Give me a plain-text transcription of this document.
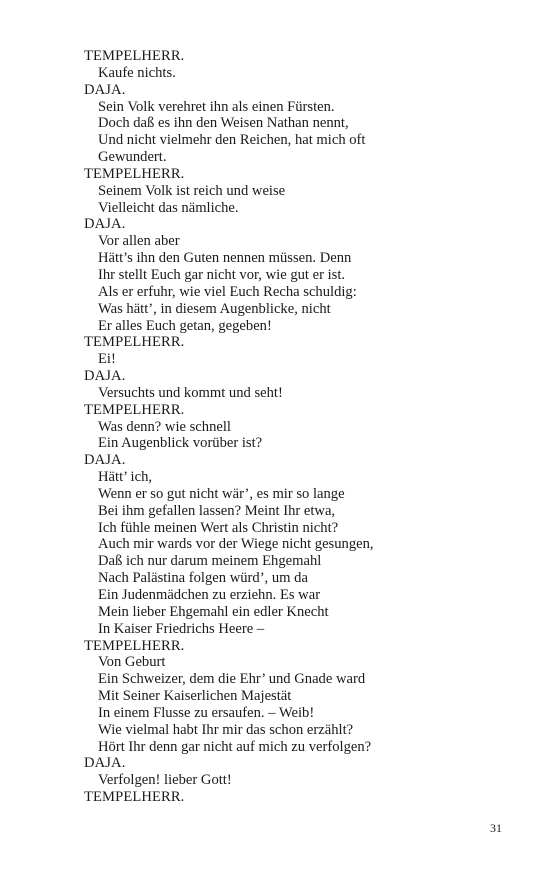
TEMPELHERR.
Kaufe nichts.
DAJA.
Sein Volk verehret ihn als einen Fürsten.
Doch daß es ihn den Weisen Nathan nennt,
Und nicht vielmehr den Reichen, hat mich oft
Gewundert.
TEMPELHERR.
Seinem Volk ist reich und weise
Vielleicht das nämliche.
DAJA.
Vor allen aber
Hätt’s ihn den Guten nennen müssen. Denn
Ihr stellt Euch gar nicht vor, wie gut er ist.
Als er erfuhr, wie viel Euch Recha schuldig:
Was hätt’, in diesem Augenblicke, nicht
Er alles Euch getan, gegeben!
TEMPELHERR.
Ei!
DAJA.
Versuchts und kommt und seht!
TEMPELHERR.
Was denn? wie schnell
Ein Augenblick vorüber ist?
DAJA.
Hätt’ ich,
Wenn er so gut nicht wär’, es mir so lange
Bei ihm gefallen lassen? Meint Ihr etwa,
Ich fühle meinen Wert als Christin nicht?
Auch mir wards vor der Wiege nicht gesungen,
Daß ich nur darum meinem Ehgemahl
Nach Palästina folgen würd’, um da
Ein Judenmädchen zu erziehn. Es war
Mein lieber Ehgemahl ein edler Knecht
In Kaiser Friedrichs Heere –
TEMPELHERR.
Von Geburt
Ein Schweizer, dem die Ehr’ und Gnade ward
Mit Seiner Kaiserlichen Majestät
In einem Flusse zu ersaufen. – Weib!
Wie vielmal habt Ihr mir das schon erzählt?
Hört Ihr denn gar nicht auf mich zu verfolgen?
DAJA.
Verfolgen! lieber Gott!
TEMPELHERR.
31
